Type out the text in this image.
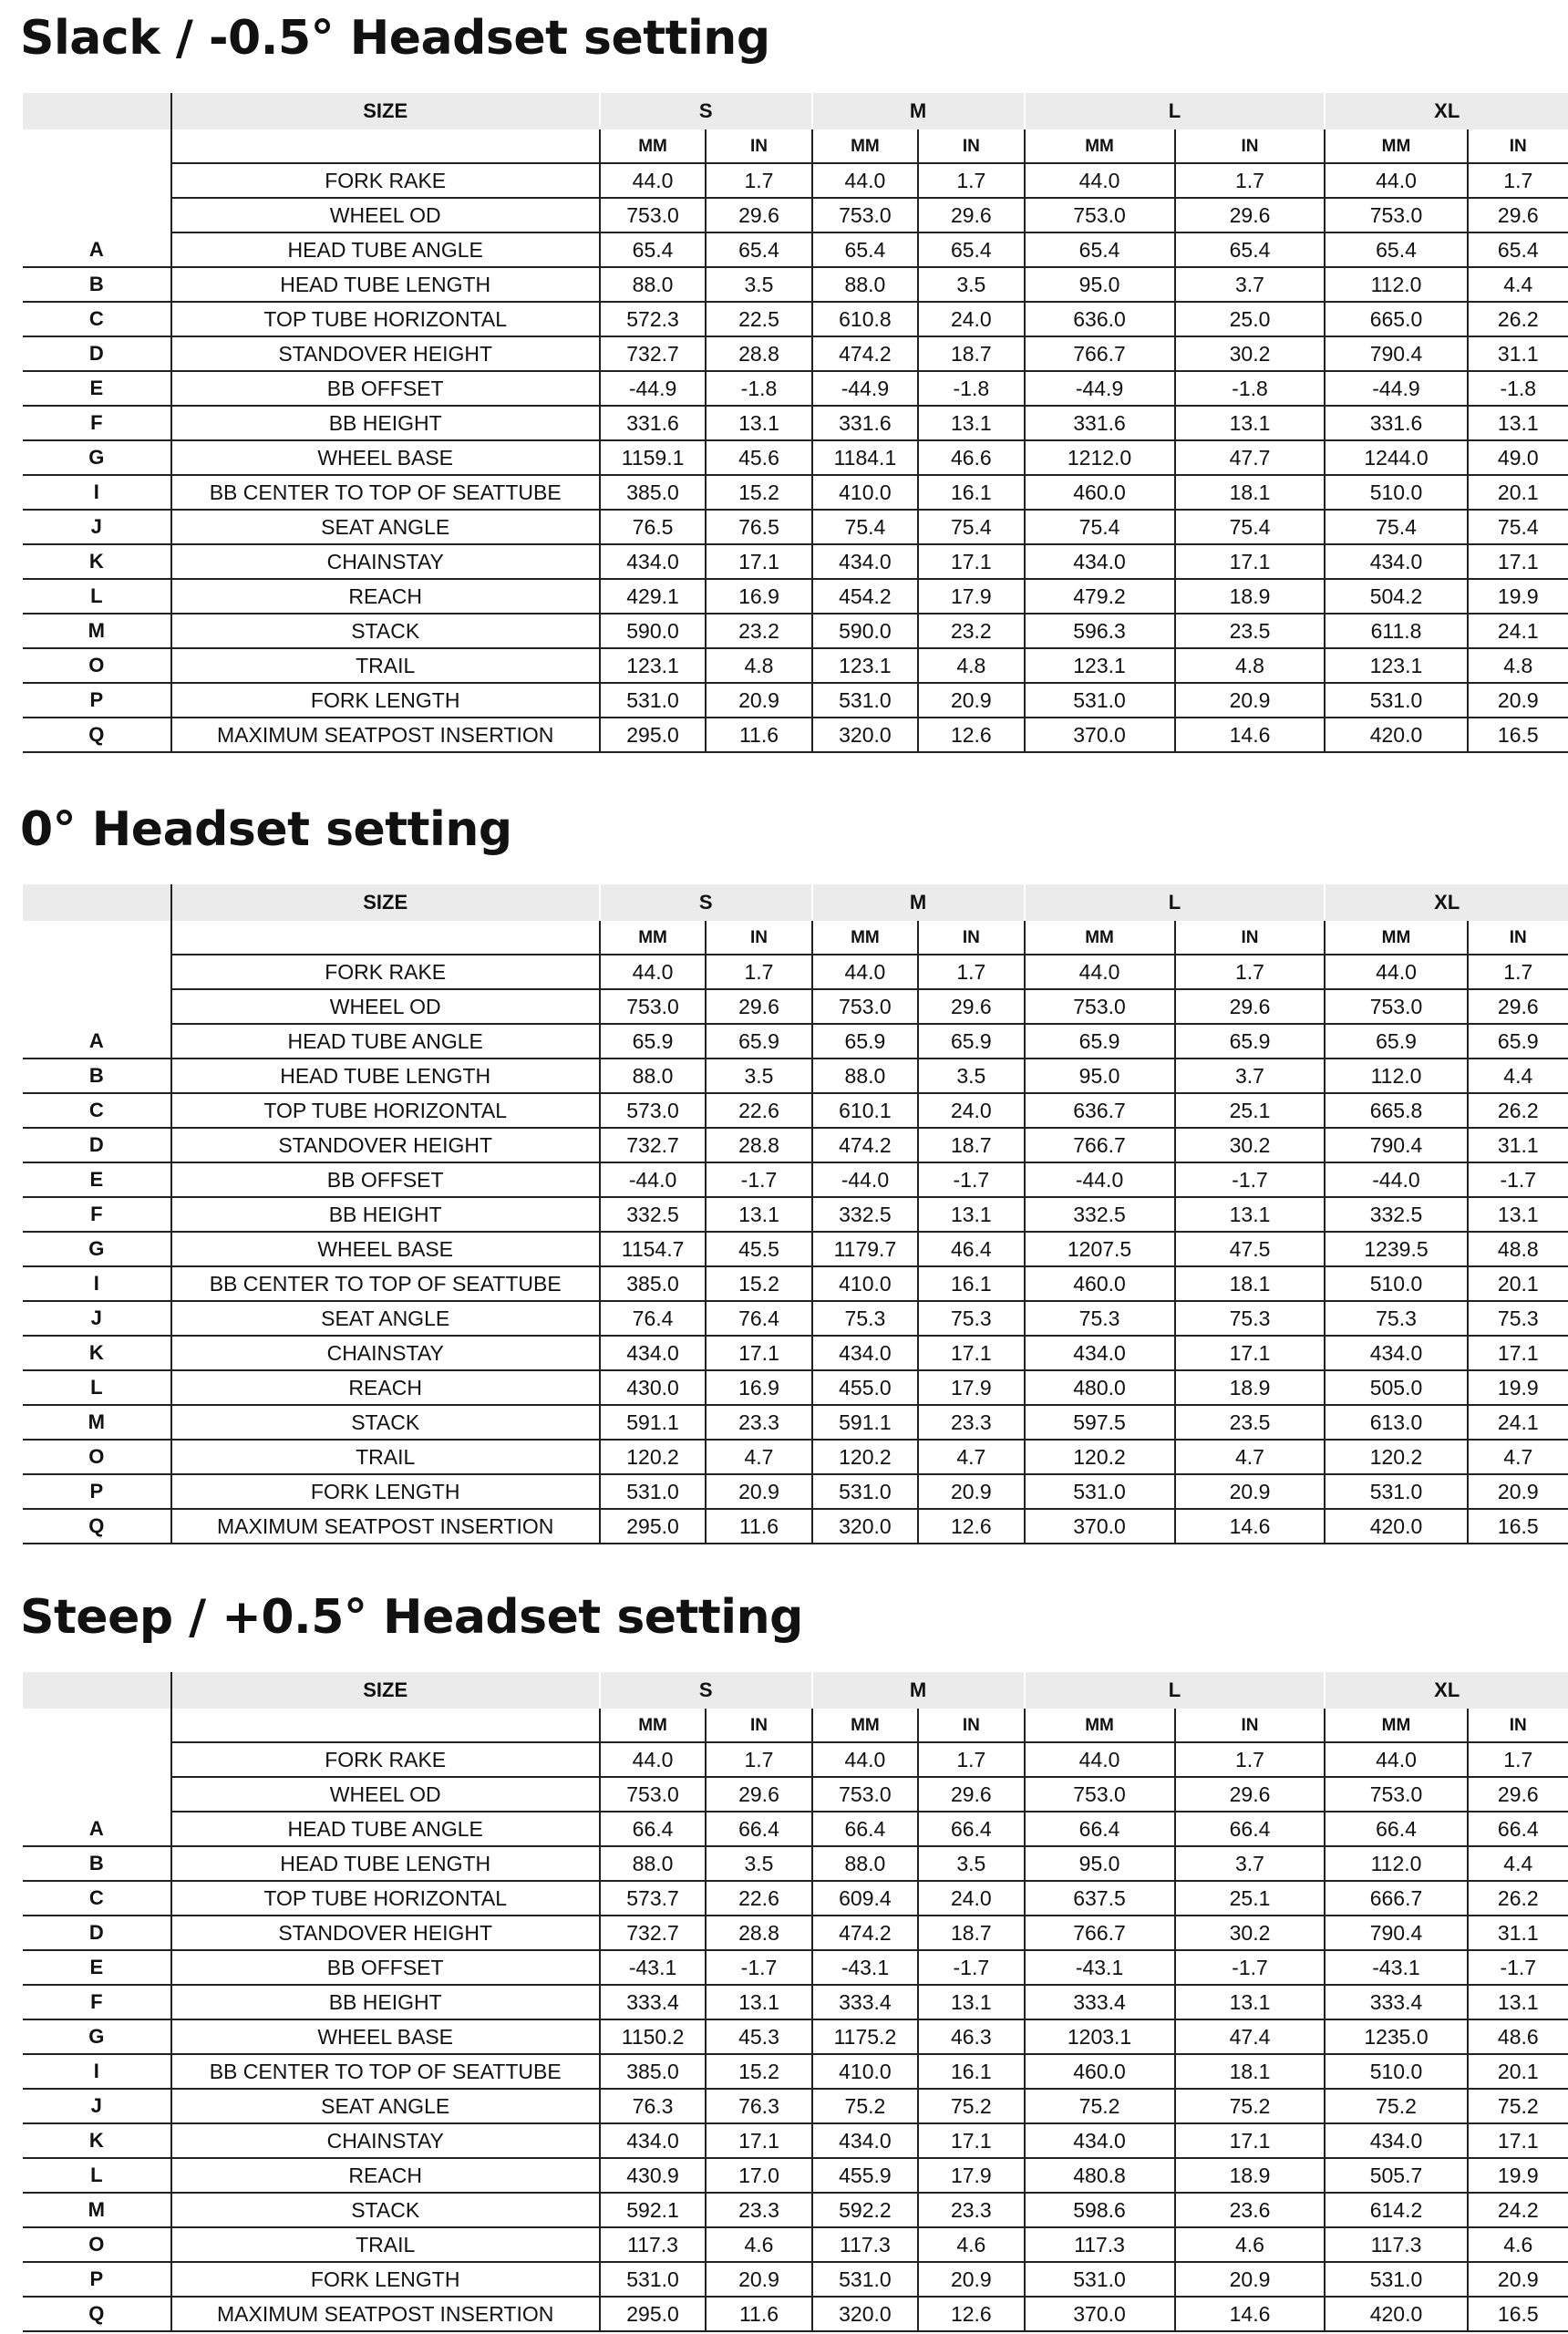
Slack / -0.5° Headset setting
	SIZE	S		M		L		XL	
		MM	IN	MM	IN	MM	IN	MM	IN
	FORK RAKE	44.0	1.7	44.0	1.7	44.0	1.7	44.0	1.7
	WHEEL OD	753.0	29.6	753.0	29.6	753.0	29.6	753.0	29.6
A	HEAD TUBE ANGLE	65.4	65.4	65.4	65.4	65.4	65.4	65.4	65.4
B	HEAD TUBE LENGTH	88.0	3.5	88.0	3.5	95.0	3.7	112.0	4.4
C	TOP TUBE HORIZONTAL	572.3	22.5	610.8	24.0	636.0	25.0	665.0	26.2
D	STANDOVER HEIGHT	732.7	28.8	474.2	18.7	766.7	30.2	790.4	31.1
E	BB OFFSET	-44.9	-1.8	-44.9	-1.8	-44.9	-1.8	-44.9	-1.8
F	BB HEIGHT	331.6	13.1	331.6	13.1	331.6	13.1	331.6	13.1
G	WHEEL BASE	1159.1	45.6	1184.1	46.6	1212.0	47.7	1244.0	49.0
I	BB CENTER TO TOP OF SEATTUBE	385.0	15.2	410.0	16.1	460.0	18.1	510.0	20.1
J	SEAT ANGLE	76.5	76.5	75.4	75.4	75.4	75.4	75.4	75.4
K	CHAINSTAY	434.0	17.1	434.0	17.1	434.0	17.1	434.0	17.1
L	REACH	429.1	16.9	454.2	17.9	479.2	18.9	504.2	19.9
M	STACK	590.0	23.2	590.0	23.2	596.3	23.5	611.8	24.1
O	TRAIL	123.1	4.8	123.1	4.8	123.1	4.8	123.1	4.8
P	FORK LENGTH	531.0	20.9	531.0	20.9	531.0	20.9	531.0	20.9
Q	MAXIMUM SEATPOST INSERTION	295.0	11.6	320.0	12.6	370.0	14.6	420.0	16.5
0° Headset setting
	SIZE	S		M		L		XL	
		MM	IN	MM	IN	MM	IN	MM	IN
	FORK RAKE	44.0	1.7	44.0	1.7	44.0	1.7	44.0	1.7
	WHEEL OD	753.0	29.6	753.0	29.6	753.0	29.6	753.0	29.6
A	HEAD TUBE ANGLE	65.9	65.9	65.9	65.9	65.9	65.9	65.9	65.9
B	HEAD TUBE LENGTH	88.0	3.5	88.0	3.5	95.0	3.7	112.0	4.4
C	TOP TUBE HORIZONTAL	573.0	22.6	610.1	24.0	636.7	25.1	665.8	26.2
D	STANDOVER HEIGHT	732.7	28.8	474.2	18.7	766.7	30.2	790.4	31.1
E	BB OFFSET	-44.0	-1.7	-44.0	-1.7	-44.0	-1.7	-44.0	-1.7
F	BB HEIGHT	332.5	13.1	332.5	13.1	332.5	13.1	332.5	13.1
G	WHEEL BASE	1154.7	45.5	1179.7	46.4	1207.5	47.5	1239.5	48.8
I	BB CENTER TO TOP OF SEATTUBE	385.0	15.2	410.0	16.1	460.0	18.1	510.0	20.1
J	SEAT ANGLE	76.4	76.4	75.3	75.3	75.3	75.3	75.3	75.3
K	CHAINSTAY	434.0	17.1	434.0	17.1	434.0	17.1	434.0	17.1
L	REACH	430.0	16.9	455.0	17.9	480.0	18.9	505.0	19.9
M	STACK	591.1	23.3	591.1	23.3	597.5	23.5	613.0	24.1
O	TRAIL	120.2	4.7	120.2	4.7	120.2	4.7	120.2	4.7
P	FORK LENGTH	531.0	20.9	531.0	20.9	531.0	20.9	531.0	20.9
Q	MAXIMUM SEATPOST INSERTION	295.0	11.6	320.0	12.6	370.0	14.6	420.0	16.5
Steep / +0.5° Headset setting
	SIZE	S		M		L		XL	
		MM	IN	MM	IN	MM	IN	MM	IN
	FORK RAKE	44.0	1.7	44.0	1.7	44.0	1.7	44.0	1.7
	WHEEL OD	753.0	29.6	753.0	29.6	753.0	29.6	753.0	29.6
A	HEAD TUBE ANGLE	66.4	66.4	66.4	66.4	66.4	66.4	66.4	66.4
B	HEAD TUBE LENGTH	88.0	3.5	88.0	3.5	95.0	3.7	112.0	4.4
C	TOP TUBE HORIZONTAL	573.7	22.6	609.4	24.0	637.5	25.1	666.7	26.2
D	STANDOVER HEIGHT	732.7	28.8	474.2	18.7	766.7	30.2	790.4	31.1
E	BB OFFSET	-43.1	-1.7	-43.1	-1.7	-43.1	-1.7	-43.1	-1.7
F	BB HEIGHT	333.4	13.1	333.4	13.1	333.4	13.1	333.4	13.1
G	WHEEL BASE	1150.2	45.3	1175.2	46.3	1203.1	47.4	1235.0	48.6
I	BB CENTER TO TOP OF SEATTUBE	385.0	15.2	410.0	16.1	460.0	18.1	510.0	20.1
J	SEAT ANGLE	76.3	76.3	75.2	75.2	75.2	75.2	75.2	75.2
K	CHAINSTAY	434.0	17.1	434.0	17.1	434.0	17.1	434.0	17.1
L	REACH	430.9	17.0	455.9	17.9	480.8	18.9	505.7	19.9
M	STACK	592.1	23.3	592.2	23.3	598.6	23.6	614.2	24.2
O	TRAIL	117.3	4.6	117.3	4.6	117.3	4.6	117.3	4.6
P	FORK LENGTH	531.0	20.9	531.0	20.9	531.0	20.9	531.0	20.9
Q	MAXIMUM SEATPOST INSERTION	295.0	11.6	320.0	12.6	370.0	14.6	420.0	16.5
